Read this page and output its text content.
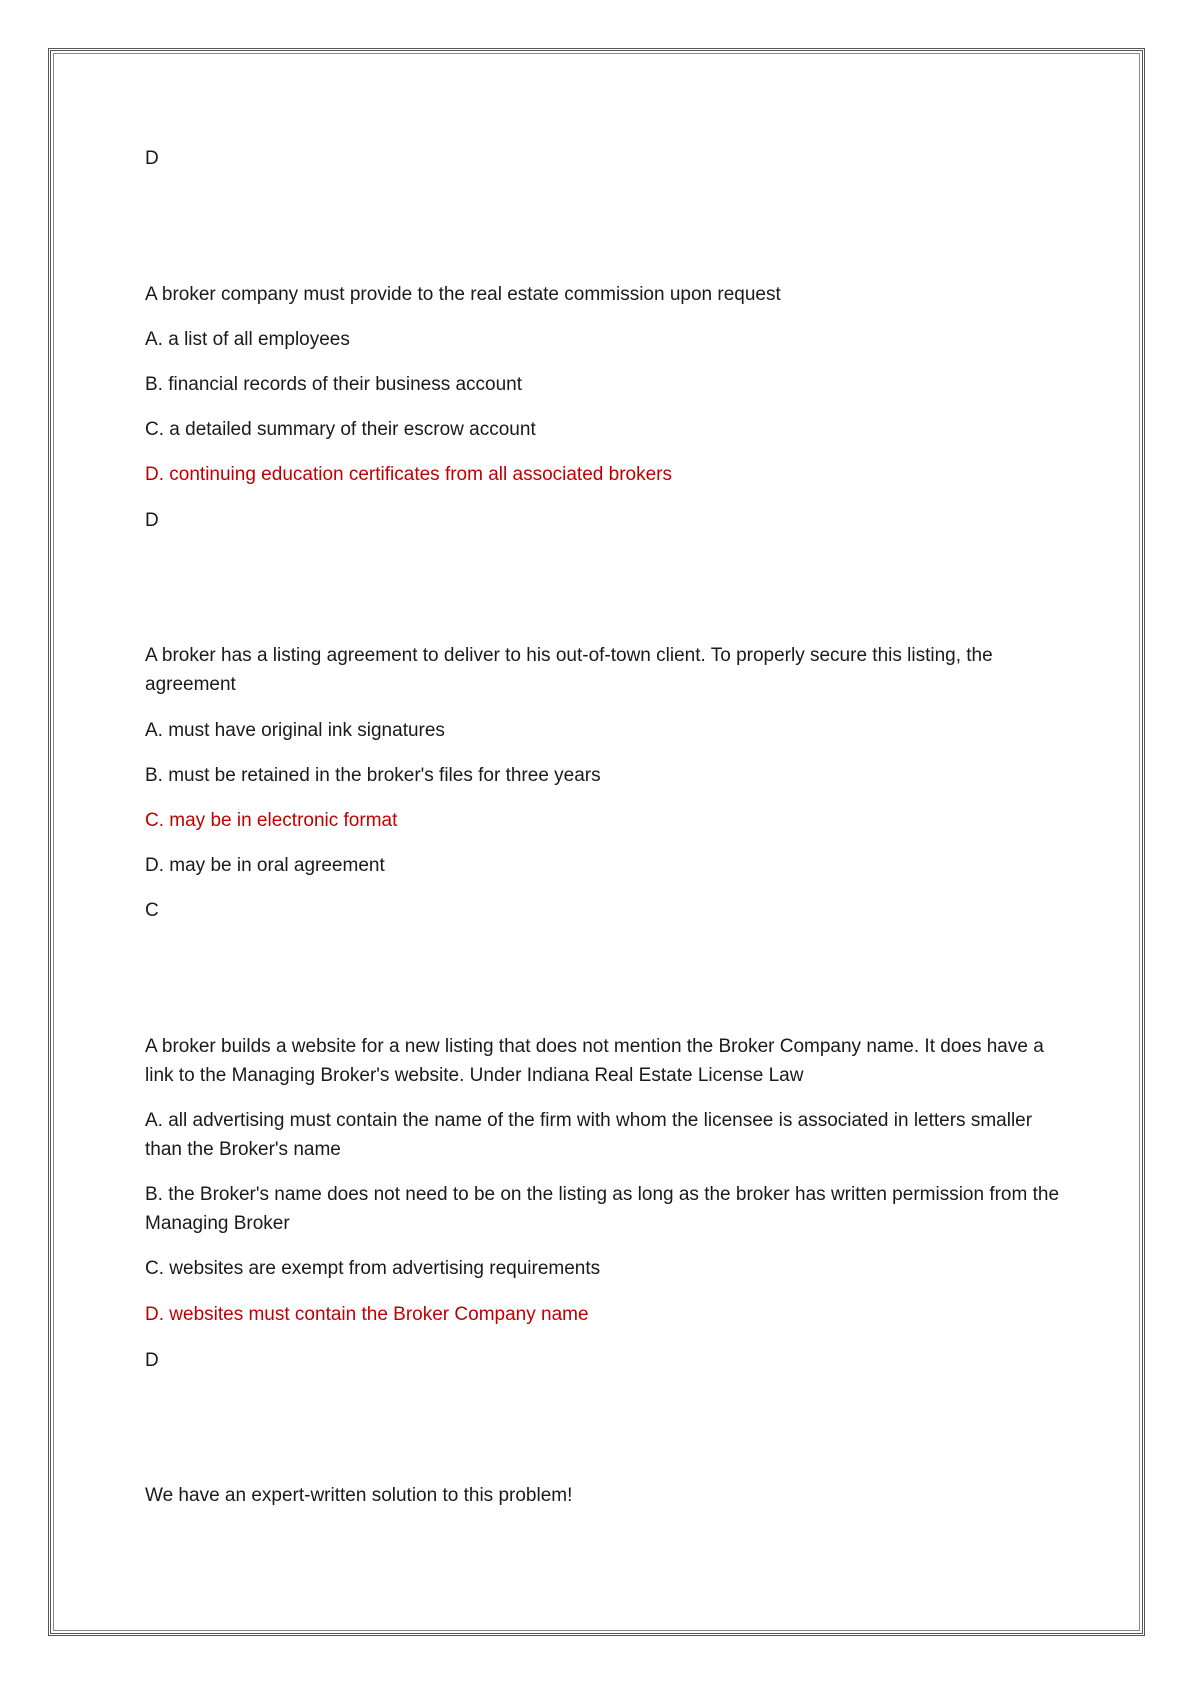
D
A broker company must provide to the real estate commission upon request
A. a list of all employees
B. financial records of their business account
C. a detailed summary of their escrow account
D. continuing education certificates from all associated brokers
D
A broker has a listing agreement to deliver to his out-of-town client. To properly secure this listing, the agreement
A. must have original ink signatures
B. must be retained in the broker's files for three years
C. may be in electronic format
D. may be in oral agreement
C
A broker builds a website for a new listing that does not mention the Broker Company name. It does have a link to the Managing Broker's website. Under Indiana Real Estate License Law
A. all advertising must contain the name of the firm with whom the licensee is associated in letters smaller than the Broker's name
B. the Broker's name does not need to be on the listing as long as the broker has written permission from the Managing Broker
C. websites are exempt from advertising requirements
D. websites must contain the Broker Company name
D
We have an expert-written solution to this problem!
